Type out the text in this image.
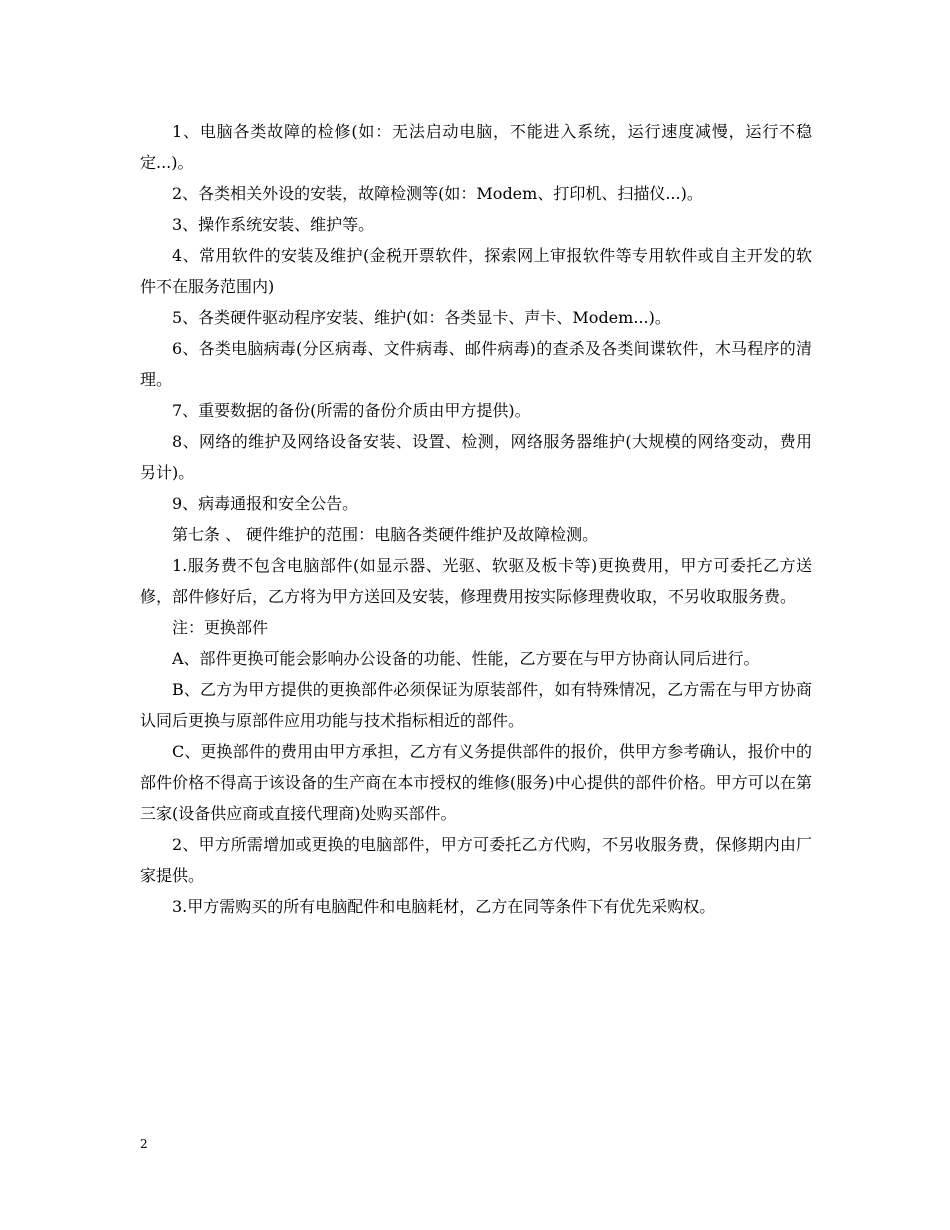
1、电脑各类故障的检修(如：无法启动电脑，不能进入系统，运行速度减慢，运行不稳定...)。

2、各类相关外设的安装，故障检测等(如：Modem、打印机、扫描仪...)。

3、操作系统安装、维护等。

4、常用软件的安装及维护(金税开票软件，探索网上审报软件等专用软件或自主开发的软件不在服务范围内)

5、各类硬件驱动程序安装、维护(如：各类显卡、声卡、Modem...)。

6、各类电脑病毒(分区病毒、文件病毒、邮件病毒)的查杀及各类间谍软件，木马程序的清理。

7、重要数据的备份(所需的备份介质由甲方提供)。

8、网络的维护及网络设备安装、设置、检测，网络服务器维护(大规模的网络变动，费用另计)。

9、病毒通报和安全公告。

第七条 、 硬件维护的范围：电脑各类硬件维护及故障检测。

1.服务费不包含电脑部件(如显示器、光驱、软驱及板卡等)更换费用，甲方可委托乙方送修，部件修好后，乙方将为甲方送回及安装，修理费用按实际修理费收取，不另收取服务费。

注：更换部件

A、部件更换可能会影响办公设备的功能、性能，乙方要在与甲方协商认同后进行。

B、乙方为甲方提供的更换部件必须保证为原装部件，如有特殊情况，乙方需在与甲方协商认同后更换与原部件应用功能与技术指标相近的部件。

C、更换部件的费用由甲方承担，乙方有义务提供部件的报价，供甲方参考确认，报价中的部件价格不得高于该设备的生产商在本市授权的维修(服务)中心提供的部件价格。甲方可以在第三家(设备供应商或直接代理商)处购买部件。

2、甲方所需增加或更换的电脑部件，甲方可委托乙方代购，不另收服务费，保修期内由厂家提供。

3.甲方需购买的所有电脑配件和电脑耗材，乙方在同等条件下有优先采购权。

2
